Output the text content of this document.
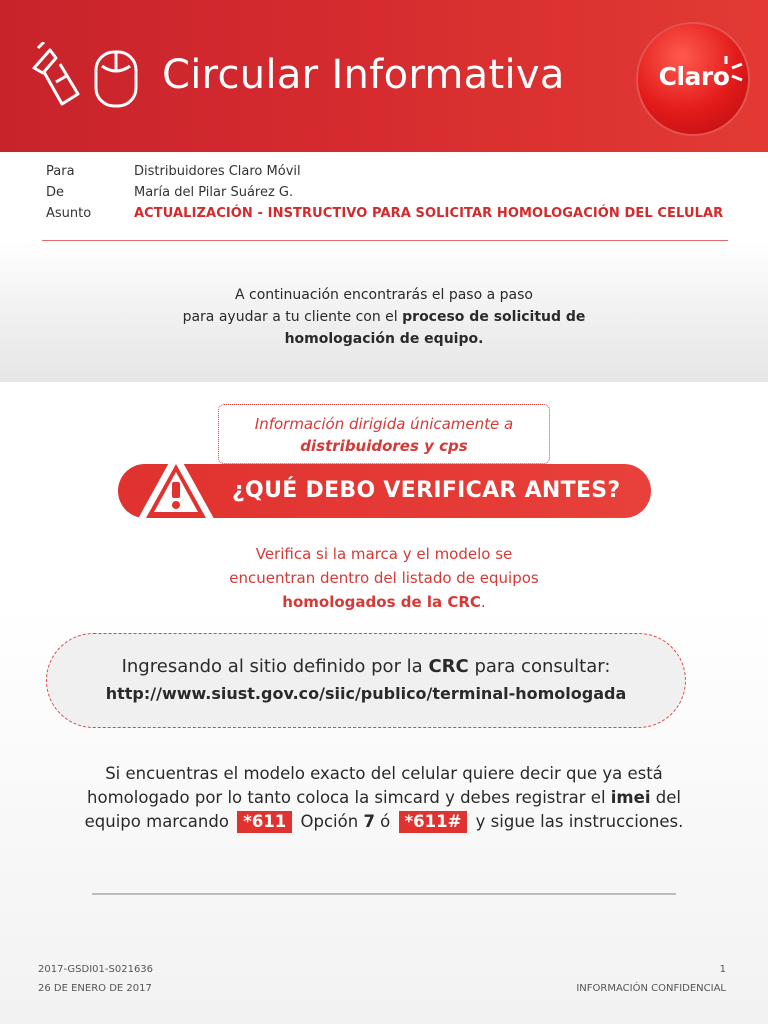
Circular Informativa	Claro
Para	Distribuidores Claro Móvil
De	María del Pilar Suárez G.
Asunto	ACTUALIZACIÓN - INSTRUCTIVO PARA SOLICITAR HOMOLOGACIÓN DEL CELULAR
A continuación encontrarás el paso a paso
para ayudar a tu cliente con el proceso de solicitud de
homologación de equipo.
Información dirigida únicamente a
distribuidores y cps
¿QUÉ DEBO VERIFICAR ANTES?
Verifica si la marca y el modelo se
encuentran dentro del listado de equipos
homologados de la CRC.
Ingresando al sitio definido por la CRC para consultar:
http://www.siust.gov.co/siic/publico/terminal-homologada
Si encuentras el modelo exacto del celular quiere decir que ya está
homologado por lo tanto coloca la simcard y debes registrar el imei del
equipo marcando *611 Opción 7 ó *611# y sigue las instrucciones.
2017-GSDI01-S021636
26 DE ENERO DE 2017
1
INFORMACIÓN CONFIDENCIAL
